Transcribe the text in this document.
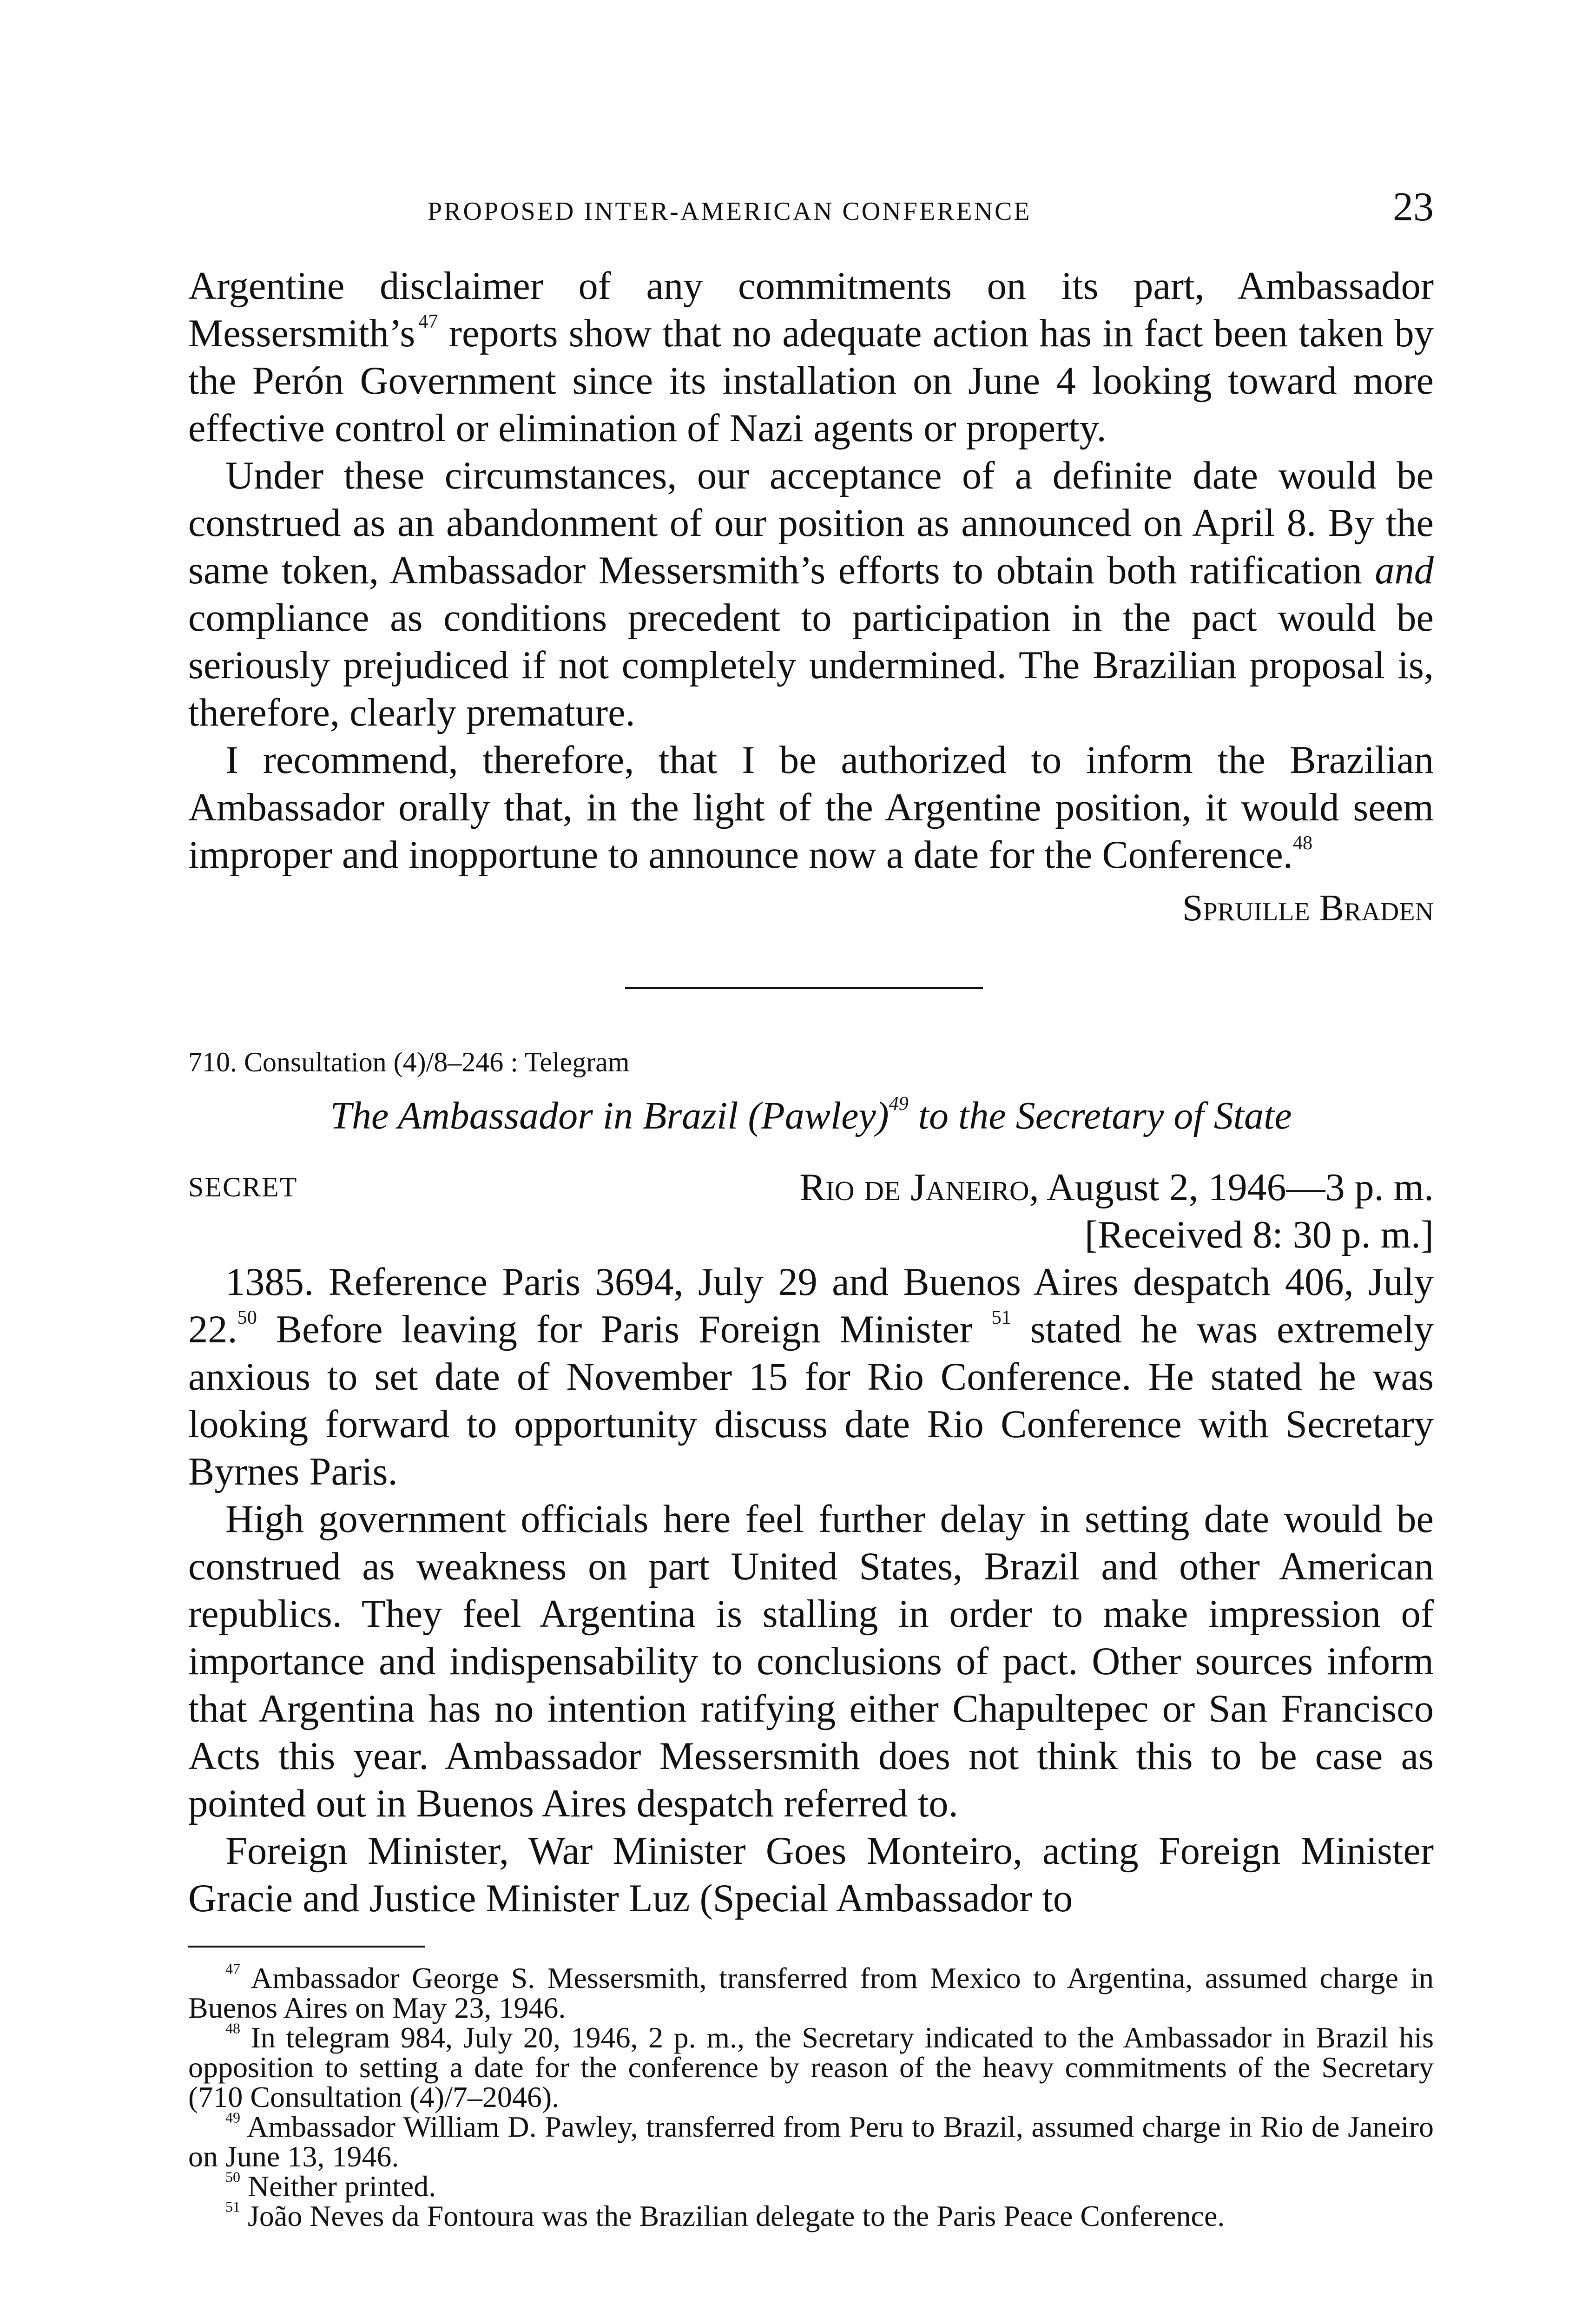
PROPOSED INTER-AMERICAN CONFERENCE	23

Argentine disclaimer of any commitments on its part, Ambassador Messersmith’s  $^{47}$ reports show that no adequate action has in fact been taken by the Perón Government since its installation on June 4 looking toward more effective control or elimination of Nazi agents or property.

Under these circumstances, our acceptance of a definite date would be construed as an abandonment of our position as announced on April 8. By the same token, Ambassador Messersmith’s efforts to obtain both ratification and compliance as conditions precedent to participation in the pact would be seriously prejudiced if not completely undermined. The Brazilian proposal is, therefore, clearly premature.

I recommend, therefore, that I be authorized to inform the Brazilian Ambassador orally that, in the light of the Argentine position, it would seem improper and inopportune to announce now a date for the Conference.$^{48}$

Spruille Braden
710. Consultation (4)/8–246 : Telegram
The Ambassador in Brazil (Pawley)$^{49}$ to the Secretary of State
SECRET	Rio de Janeiro, August 2, 1946—3 p. m.
[Received 8: 30 p. m.]

1385. Reference Paris 3694, July 29 and Buenos Aires despatch 406, July 22.50 Before leaving for Paris Foreign Minister $^{51}$ stated he was extremely anxious to set date of November 15 for Rio Conference. He stated he was looking forward to opportunity discuss date Rio Conference with Secretary Byrnes Paris.

High government officials here feel further delay in setting date would be construed as weakness on part United States, Brazil and other American republics. They feel Argentina is stalling in order to make impression of importance and indispensability to conclusions of pact. Other sources inform that Argentina has no intention ratifying either Chapultepec or San Francisco Acts this year. Ambassador Messersmith does not think this to be case as pointed out in Buenos Aires despatch referred to.

Foreign Minister, War Minister Goes Monteiro, acting Foreign Minister Gracie and Justice Minister Luz (Special Ambassador to

$^{47}$ Ambassador George S. Messersmith, transferred from Mexico to Argentina, assumed charge in Buenos Aires on May 23, 1946.

$^{48}$ In telegram 984, July 20, 1946, 2 p. m., the Secretary indicated to the Ambassador in Brazil his opposition to setting a date for the conference by reason of the heavy commitments of the Secretary (710 Consultation (4)/7–2046).

$^{49}$ Ambassador William D. Pawley, transferred from Peru to Brazil, assumed charge in Rio de Janeiro on June 13, 1946.

$^{50}$ Neither printed.

$^{51}$ João Neves da Fontoura was the Brazilian delegate to the Paris Peace Conference.
